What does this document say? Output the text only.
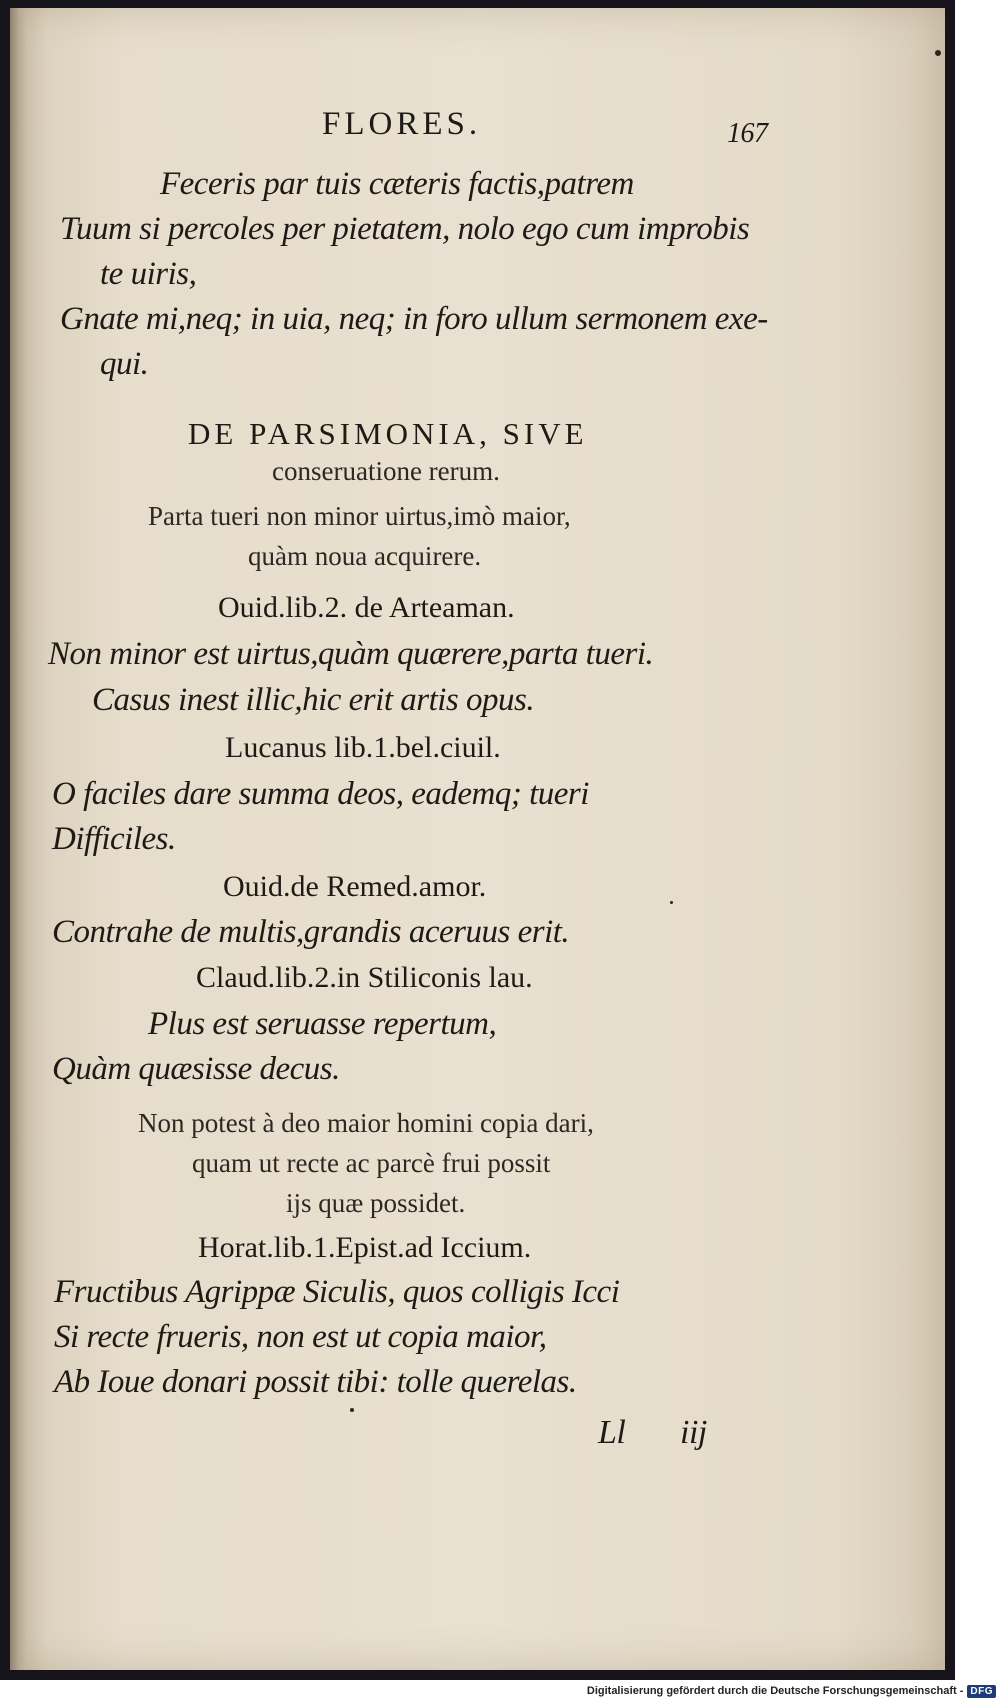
FLORES.	167
Feceris par tuis cæteris factis,patrem
Tuum si percoles per pietatem, nolo ego cum improbis
te uiris,
Gnate mi,neq; in uia, neq; in foro ullum sermonem exe-
qui.
DE PARSIMONIA, SIVE
conseruatione rerum.
Parta tueri non minor uirtus,imò maior,
quàm noua acquirere.
Ouid.lib.2. de Arteaman.
Non minor est uirtus,quàm quærere,parta tueri.
Casus inest illic,hic erit artis opus.
Lucanus lib.1.bel.ciuil.
O faciles dare summa deos, eademq; tueri
Difficiles.
Ouid.de Remed.amor.
Contrahe de multis,grandis aceruus erit.
Claud.lib.2.in Stiliconis lau.
Plus est seruasse repertum,
Quàm quæsisse decus.
Non potest à deo maior homini copia dari,
quam ut recte ac parcè frui possit
ijs quæ possidet.
Horat.lib.1.Epist.ad Iccium.
Fructibus Agrippæ Siculis, quos colligis Icci
Si recte frueris, non est ut copia maior,
Ab Ioue donari possit tibi: tolle querelas.
Ll iij
Digitalisierung gefördert durch die Deutsche Forschungsgemeinschaft - DFG
